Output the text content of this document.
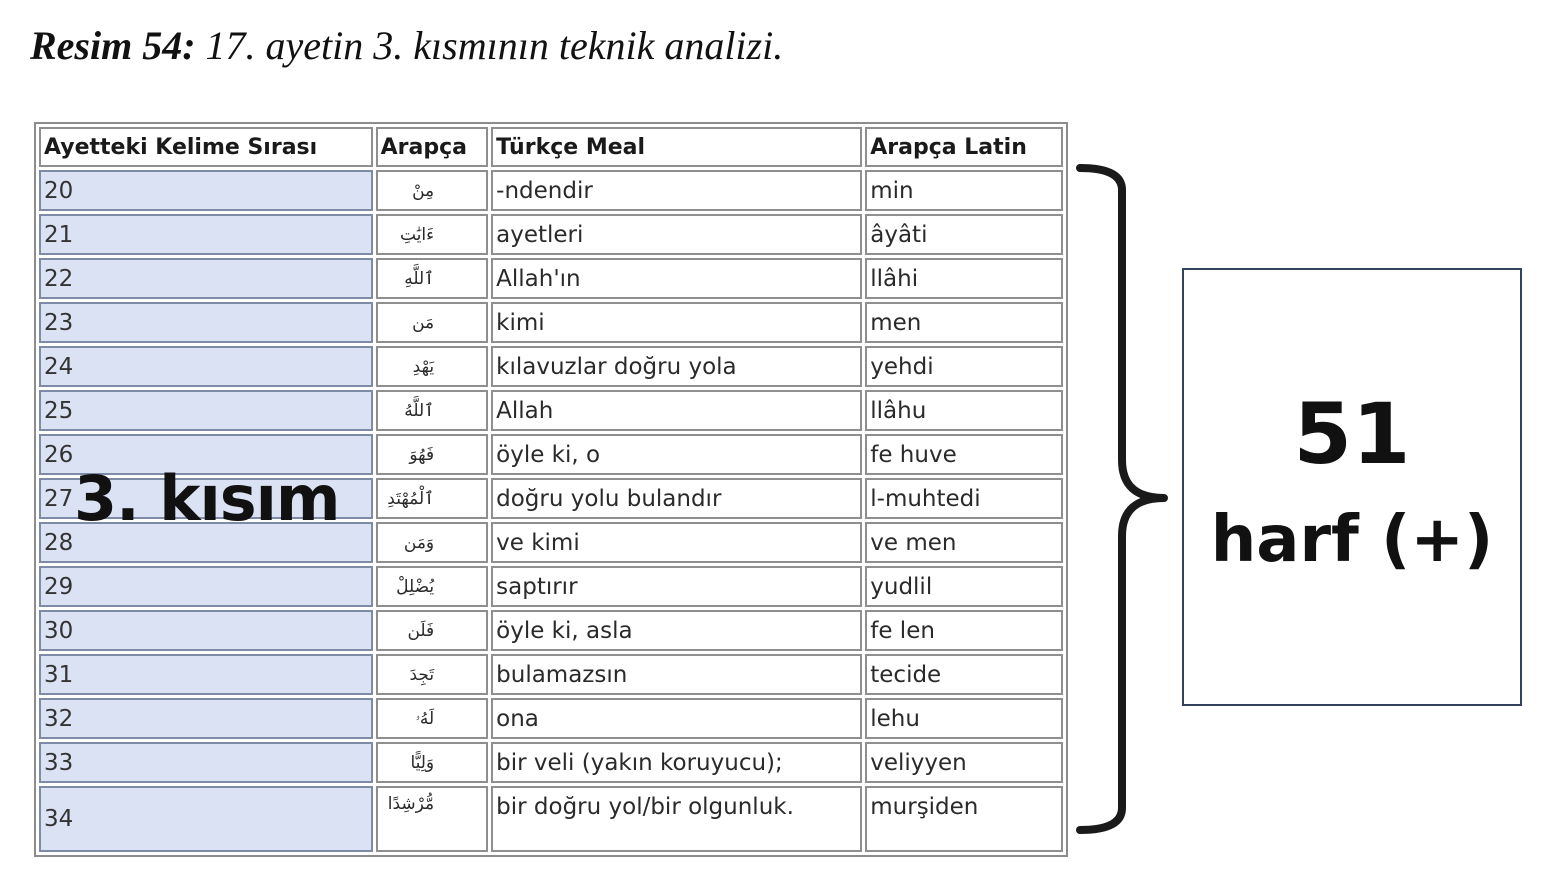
Resim 54: 17. ayetin 3. kısmının teknik analizi.
Ayetteki Kelime Sırası	Arapça	Türkçe Meal	Arapça Latin
20	مِنْ	-ndendir	min
21	ءَايَٰتِ	ayetleri	âyâti
22	ٱللَّهِ	Allah'ın	llâhi
23	مَن	kimi	men
24	يَهْدِ	kılavuzlar doğru yola	yehdi
25	ٱللَّهُ	Allah	llâhu
26	فَهُوَ	öyle ki, o	fe huve
27	ٱلْمُهْتَدِ	doğru yolu bulandır	l-muhtedi
28	وَمَن	ve kimi	ve men
29	يُضْلِلْ	saptırır	yudlil
30	فَلَن	öyle ki, asla	fe len
31	تَجِدَ	bulamazsın	tecide
32	لَهُۥ	ona	lehu
33	وَلِيًّا	bir veli (yakın koruyucu);	veliyyen
34	مُّرْشِدًا	bir doğru yol/bir olgunluk.	murşiden
3. kısım
51
harf (+)
